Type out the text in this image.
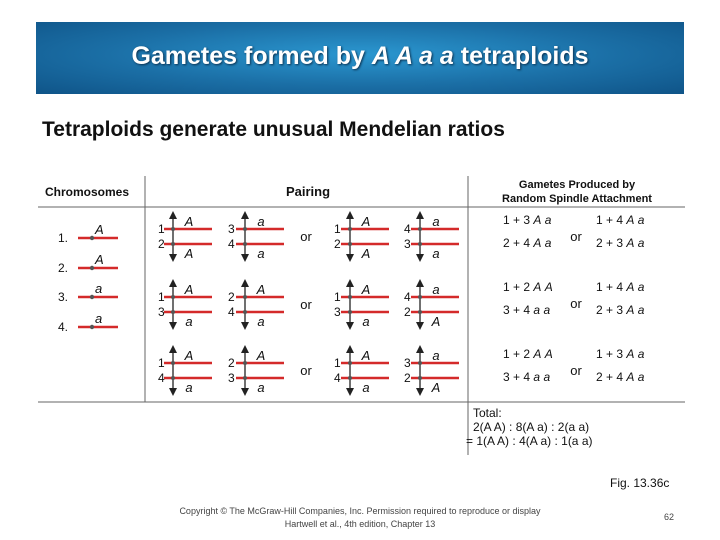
Gametes formed by A A a a tetraploids
Tetraploids generate unusual Mendelian ratios
Chromosomes	Pairing	Gametes Produced by
Random Spindle Attachment
1.
A
2.
A
3.
a
4.
a
1
2
A
A
3
4
a
a
1
2
A
A
4
3
a
a
or
1 + 3 A a
2 + 4 A a or
1 + 4 A a
2 + 3 A a
1
3
A
a
2
4
A
a
1
3
A
a
4
2
a
A
or
1 + 2 A A
3 + 4 a a or
1 + 4 A a
2 + 3 A a
1
4
A
a
2
3
A
a
1
4
A
a
3
2
a
A
or
1 + 2 A A
3 + 4 a a or
1 + 3 A a
2 + 4 A a
Total:
2(A A) : 8(A a) : 2(a a)
= 1(A A) : 4(A a) : 1(a a)
Fig. 13.36c
Copyright © The McGraw-Hill Companies, Inc. Permission required to reproduce or display
Hartwell et al., 4th edition, Chapter 13
62
